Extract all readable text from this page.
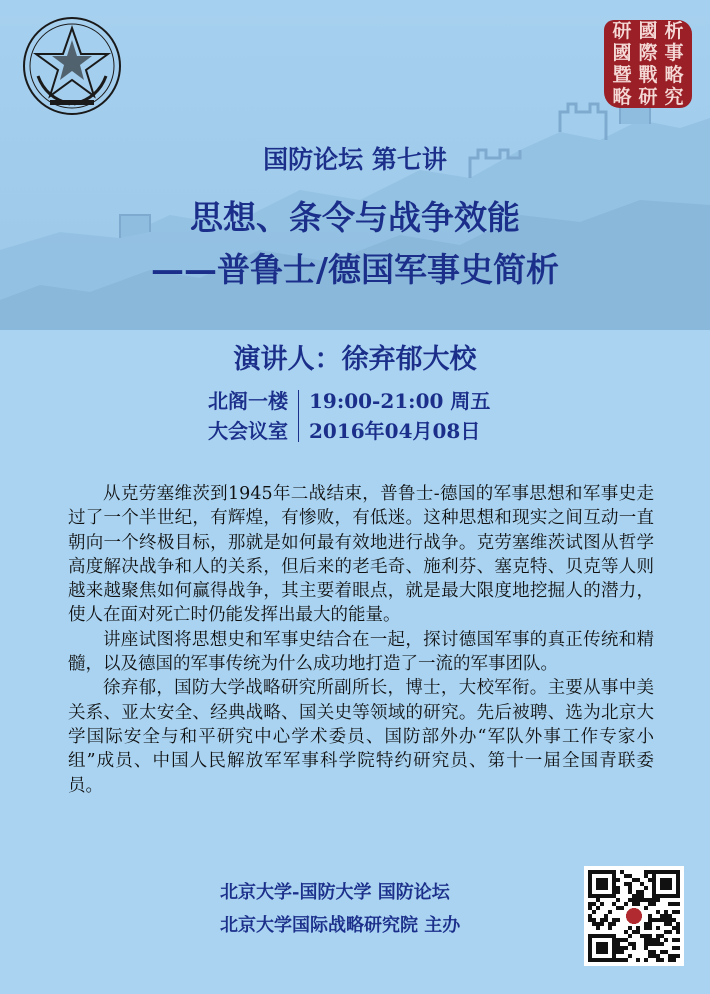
研 國 析
國 際 事
暨 戰 略
略 研 究
国防论坛 第七讲
思想、条令与战争效能
——普鲁士/德国军事史简析
演讲人：徐弃郁大校
北阁一楼
大会议室
19:00-21:00 周五
2016年04月08日

从克劳塞维茨到1945年二战结束，普鲁士-德国的军事思想和军事史走过了一个半世纪，有辉煌，有惨败，有低迷。这种思想和现实之间互动一直朝向一个终极目标，那就是如何最有效地进行战争。克劳塞维茨试图从哲学高度解决战争和人的关系，但后来的老毛奇、施利芬、塞克特、贝克等人则越来越聚焦如何赢得战争，其主要着眼点，就是最大限度地挖掘人的潜力，使人在面对死亡时仍能发挥出最大的能量。

讲座试图将思想史和军事史结合在一起，探讨德国军事的真正传统和精髓，以及德国的军事传统为什么成功地打造了一流的军事团队。

徐弃郁，国防大学战略研究所副所长，博士，大校军衔。主要从事中美关系、亚太安全、经典战略、国关史等领域的研究。先后被聘、选为北京大学国际安全与和平研究中心学术委员、国防部外办“军队外事工作专家小组”成员、中国人民解放军军事科学院特约研究员、第十一届全国青联委员。

北京大学-国防大学 国防论坛
北京大学国际战略研究院 主办
